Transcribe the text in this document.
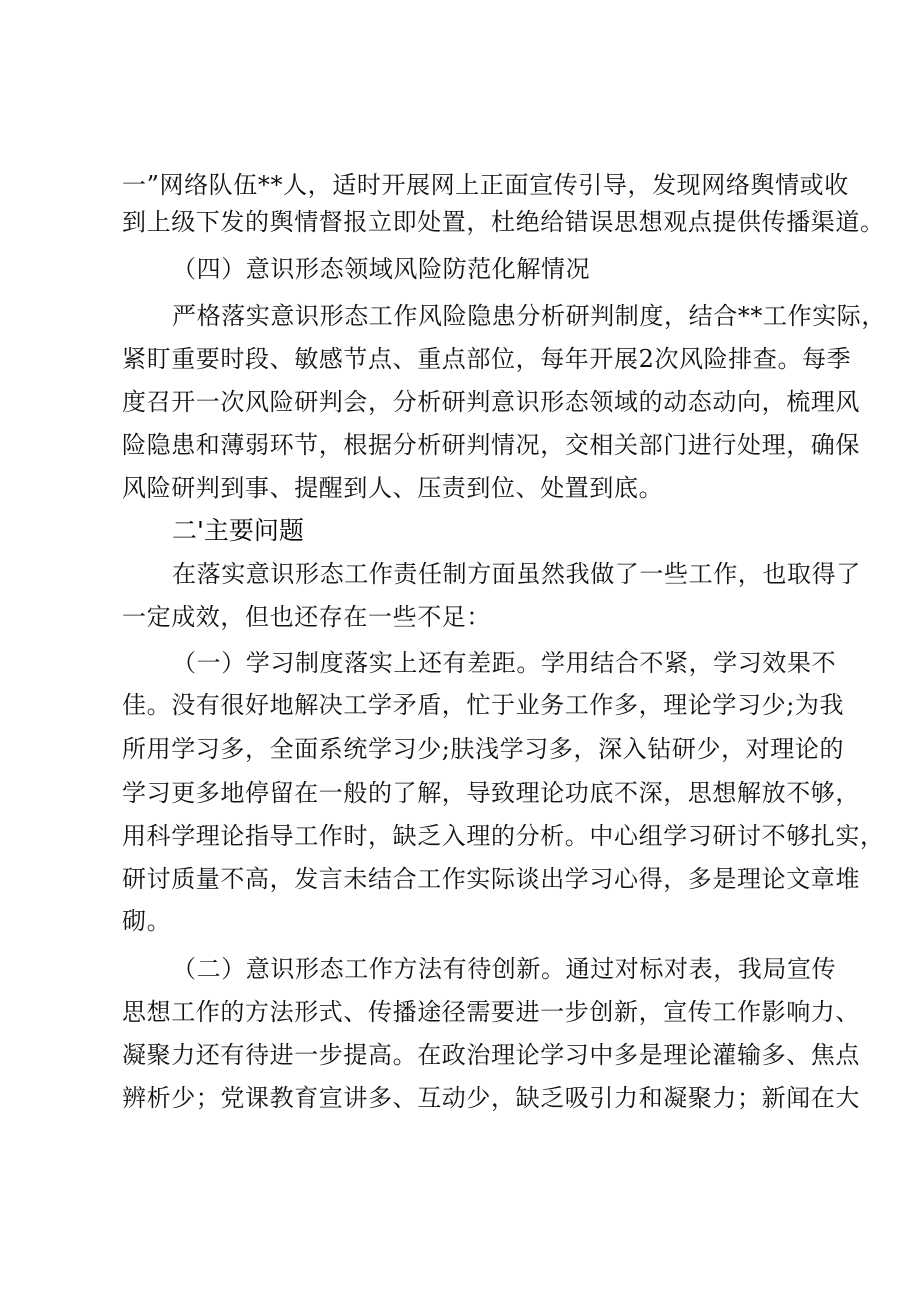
一”网络队伍**人，适时开展网上正面宣传引导，发现网络舆情或收
到上级下发的舆情督报立即处置，杜绝给错误思想观点提供传播渠道。
（四）意识形态领域风险防范化解情况
严格落实意识形态工作风险隐患分析研判制度，结合**工作实际，
紧盯重要时段、敏感节点、重点部位，每年开展2次风险排查。每季
度召开一次风险研判会，分析研判意识形态领域的动态动向，梳理风
险隐患和薄弱环节，根据分析研判情况，交相关部门进行处理，确保
风险研判到事、提醒到人、压责到位、处置到底。
二'主要问题
在落实意识形态工作责任制方面虽然我做了一些工作，也取得了
一定成效，但也还存在一些不足：
（一）学习制度落实上还有差距。学用结合不紧，学习效果不
佳。没有很好地解决工学矛盾，忙于业务工作多，理论学习少;为我
所用学习多，全面系统学习少;肤浅学习多，深入钻研少，对理论的
学习更多地停留在一般的了解，导致理论功底不深，思想解放不够，
用科学理论指导工作时，缺乏入理的分析。中心组学习研讨不够扎实，
研讨质量不高，发言未结合工作实际谈出学习心得，多是理论文章堆
砌。
（二）意识形态工作方法有待创新。通过对标对表，我局宣传
思想工作的方法形式、传播途径需要进一步创新，宣传工作影响力、
凝聚力还有待进一步提高。在政治理论学习中多是理论灌输多、焦点
辨析少；党课教育宣讲多、互动少，缺乏吸引力和凝聚力；新闻在大
